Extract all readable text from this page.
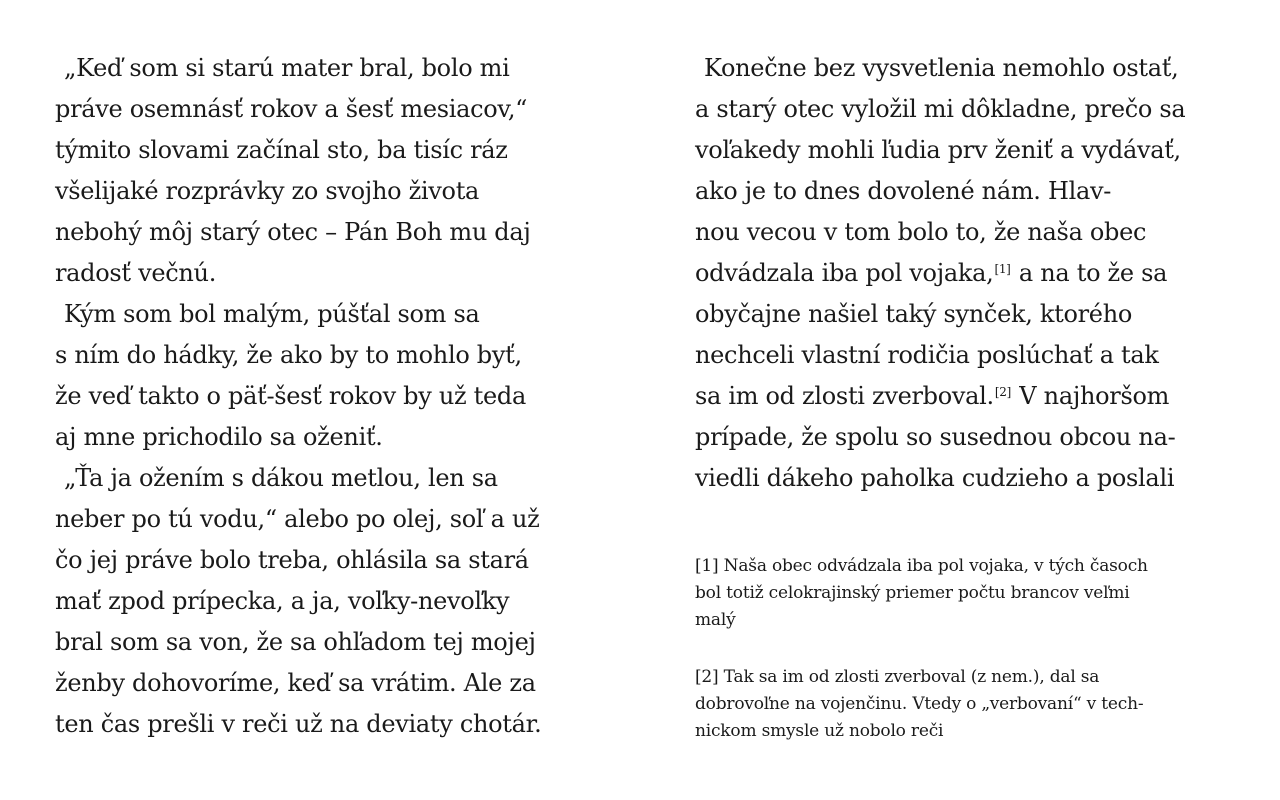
„Keď som si starú mater bral, bolo mi
práve osemnásť rokov a šesť mesiacov,“
týmito slovami začínal sto, ba tisíc ráz
všelijaké rozprávky zo svojho života
nebohý môj starý otec – Pán Boh mu daj
radosť večnú.
Kým som bol malým, púšťal som sa
s ním do hádky, že ako by to mohlo byť,
že veď takto o päť-šesť rokov by už teda
aj mne prichodilo sa oženiť.
„Ťa ja ožením s dákou metlou, len sa
neber po tú vodu,“ alebo po olej, soľ a už
čo jej práve bolo treba, ohlásila sa stará
mať zpod prípecka, a ja, voľky-nevoľky
bral som sa von, že sa ohľadom tej mojej
ženby dohovoríme, keď sa vrátim. Ale za
ten čas prešli v reči už na deviaty chotár.
Konečne bez vysvetlenia nemohlo ostať,
a starý otec vyložil mi dôkladne, prečo sa
voľakedy mohli ľudia prv ženiť a vydávať,
ako je to dnes dovolené nám. Hlav-
nou vecou v tom bolo to, že naša obec
odvádzala iba pol vojaka,[1] a na to že sa
obyčajne našiel taký synček, ktorého
nechceli vlastní rodičia poslúchať a tak
sa im od zlosti zverboval.[2] V najhoršom
prípade, že spolu so susednou obcou na-
viedli dákeho paholka cudzieho a poslali
[1] Naša obec odvádzala iba pol vojaka, v tých časoch
bol totiž celokrajinský priemer počtu brancov veľmi
malý
[2] Tak sa im od zlosti zverboval (z nem.), dal sa
dobrovoľne na vojenčinu. Vtedy o „verbovaní“ v tech-
nickom smysle už nobolo reči
